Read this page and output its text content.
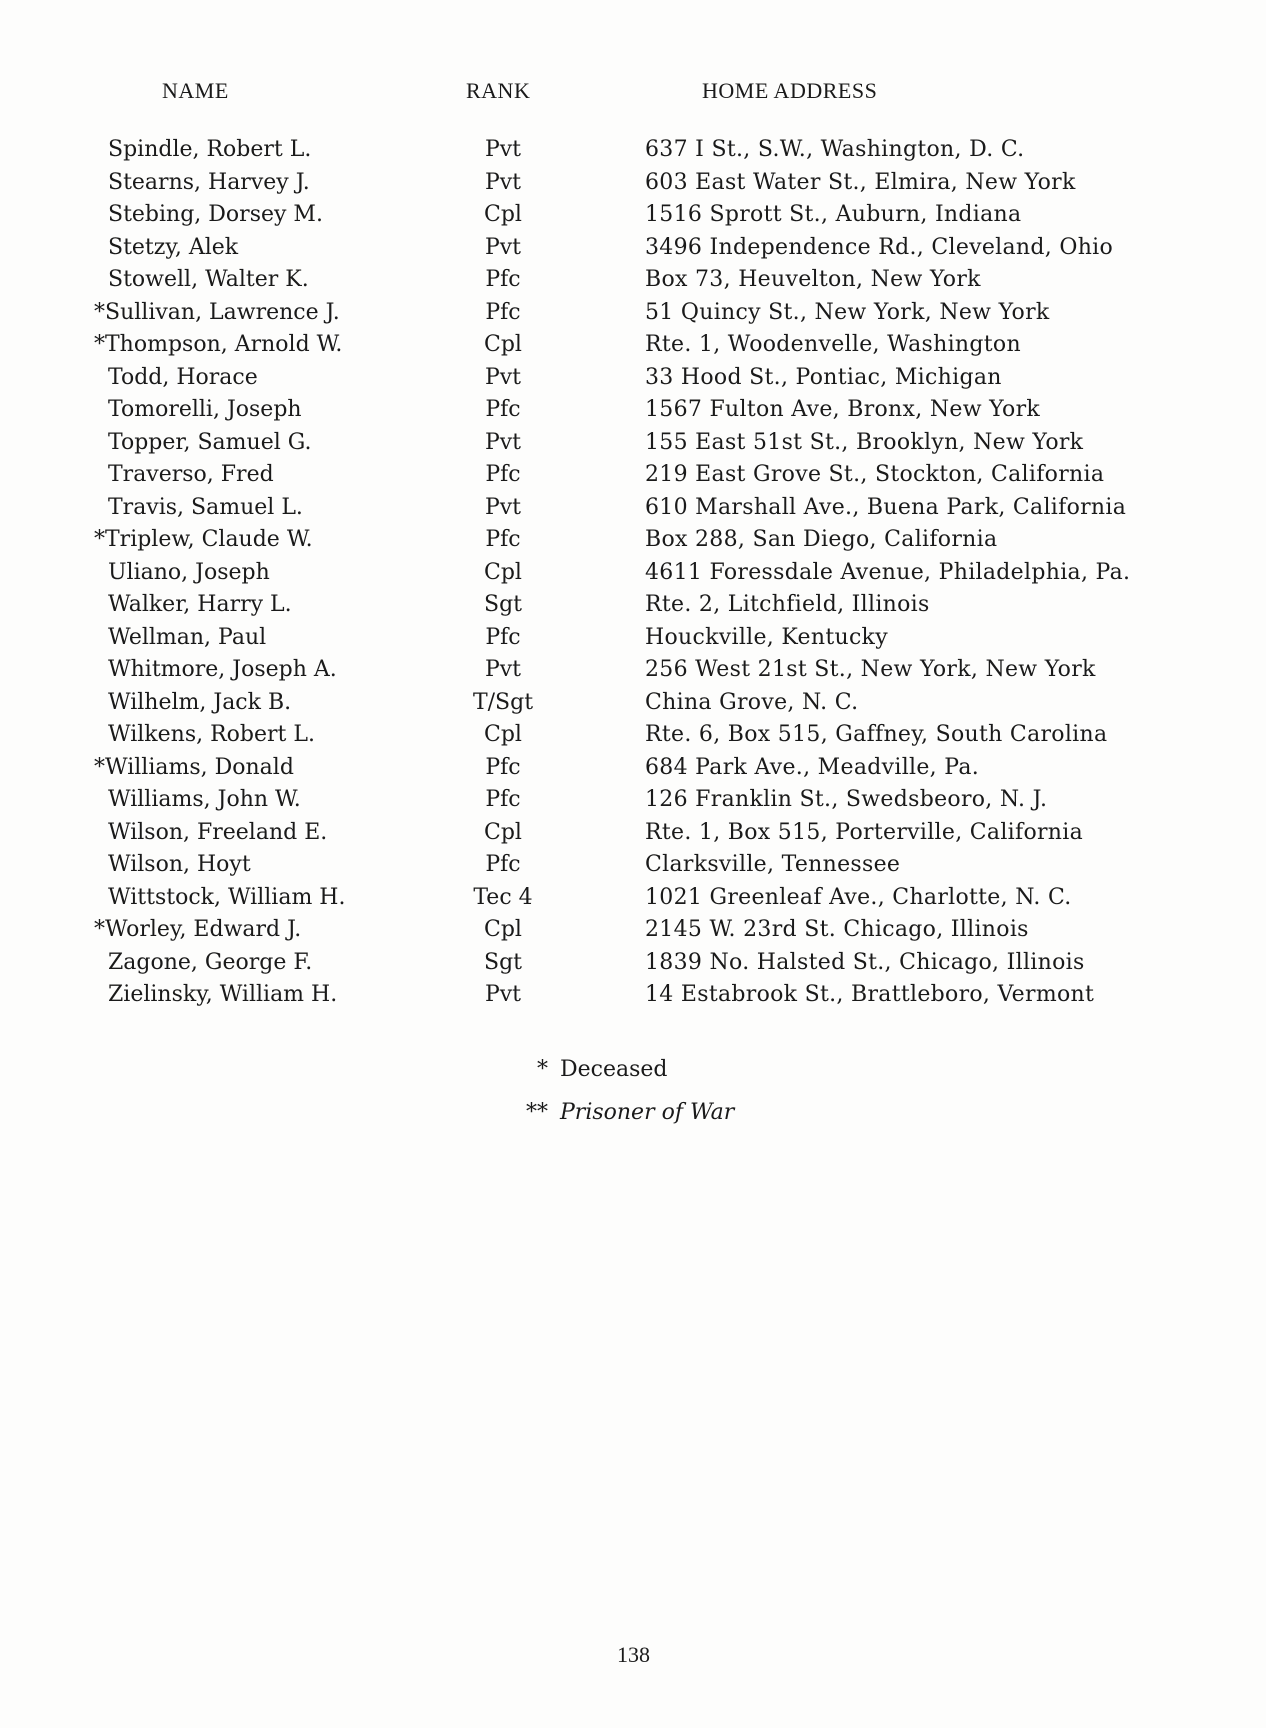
NAME	RANK	HOME ADDRESS
Spindle, Robert L.	Pvt	637 I St., S.W., Washington, D. C.
Stearns, Harvey J.	Pvt	603 East Water St., Elmira, New York
Stebing, Dorsey M.	Cpl	1516 Sprott St., Auburn, Indiana
Stetzy, Alek	Pvt	3496 Independence Rd., Cleveland, Ohio
Stowell, Walter K.	Pfc	Box 73, Heuvelton, New York
*Sullivan, Lawrence J.	Pfc	51 Quincy St., New York, New York
*Thompson, Arnold W.	Cpl	Rte. 1, Woodenvelle, Washington
Todd, Horace	Pvt	33 Hood St., Pontiac, Michigan
Tomorelli, Joseph	Pfc	1567 Fulton Ave, Bronx, New York
Topper, Samuel G.	Pvt	155 East 51st St., Brooklyn, New York
Traverso, Fred	Pfc	219 East Grove St., Stockton, California
Travis, Samuel L.	Pvt	610 Marshall Ave., Buena Park, California
*Triplew, Claude W.	Pfc	Box 288, San Diego, California
Uliano, Joseph	Cpl	4611 Foressdale Avenue, Philadelphia, Pa.
Walker, Harry L.	Sgt	Rte. 2, Litchfield, Illinois
Wellman, Paul	Pfc	Houckville, Kentucky
Whitmore, Joseph A.	Pvt	256 West 21st St., New York, New York
Wilhelm, Jack B.	T/Sgt	China Grove, N. C.
Wilkens, Robert L.	Cpl	Rte. 6, Box 515, Gaffney, South Carolina
*Williams, Donald	Pfc	684 Park Ave., Meadville, Pa.
Williams, John W.	Pfc	126 Franklin St., Swedsbeoro, N. J.
Wilson, Freeland E.	Cpl	Rte. 1, Box 515, Porterville, California
Wilson, Hoyt	Pfc	Clarksville, Tennessee
Wittstock, William H.	Tec 4	1021 Greenleaf Ave., Charlotte, N. C.
*Worley, Edward J.	Cpl	2145 W. 23rd St. Chicago, Illinois
Zagone, George F.	Sgt	1839 No. Halsted St., Chicago, Illinois
Zielinsky, William H.	Pvt	14 Estabrook St., Brattleboro, Vermont
* Deceased
** Prisoner of War
138
